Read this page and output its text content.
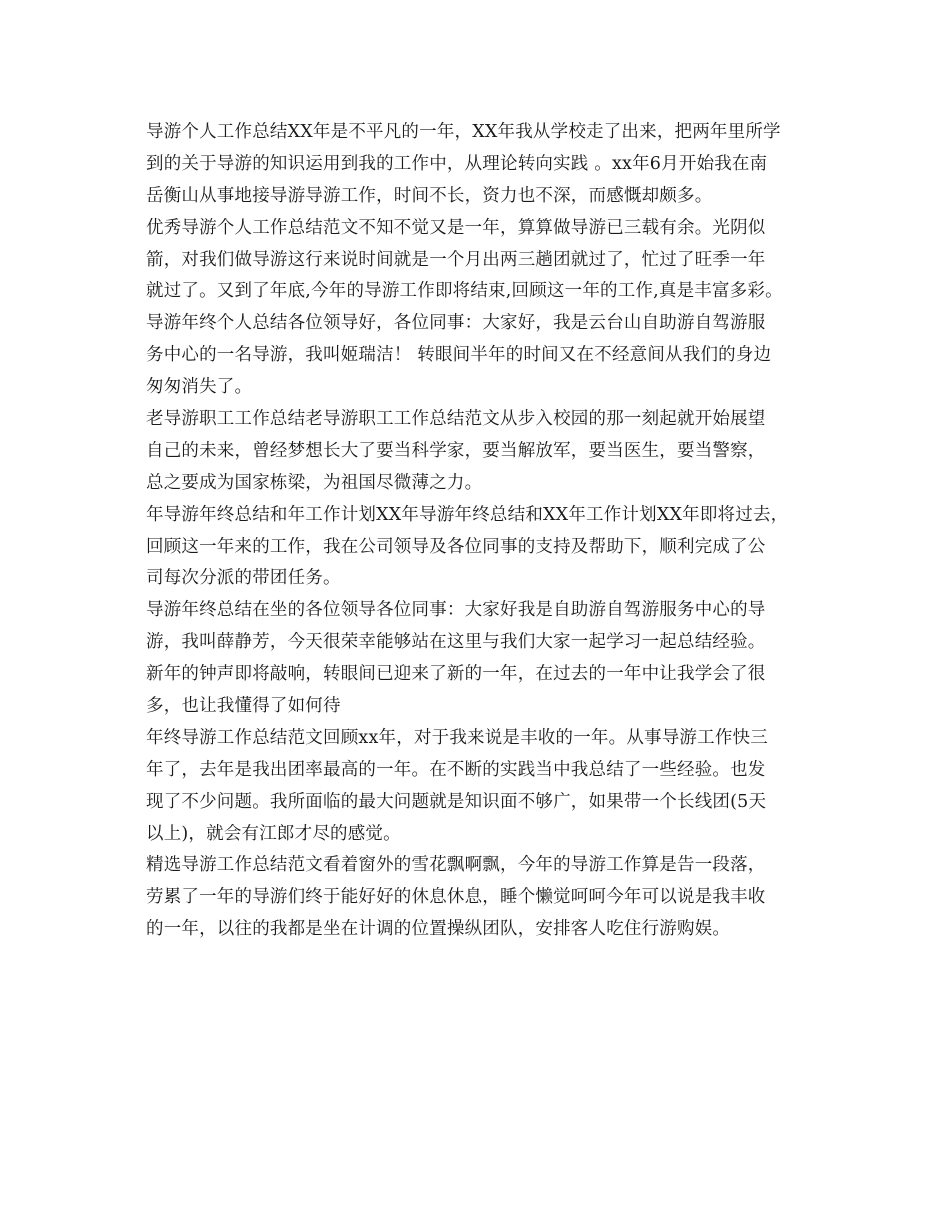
导游个人工作总结XX年是不平凡的一年，XX年我从学校走了出来，把两年里所学
到的关于导游的知识运用到我的工作中，从理论转向实践 。xx年6月开始我在南
岳衡山从事地接导游导游工作，时间不长，资力也不深，而感慨却颇多。
优秀导游个人工作总结范文不知不觉又是一年，算算做导游已三载有余。光阴似
箭，对我们做导游这行来说时间就是一个月出两三趟团就过了，忙过了旺季一年
就过了。又到了年底,今年的导游工作即将结束,回顾这一年的工作,真是丰富多彩。
导游年终个人总结各位领导好，各位同事：大家好，我是云台山自助游自驾游服
务中心的一名导游，我叫姬瑞洁！ 转眼间半年的时间又在不经意间从我们的身边
匆匆消失了。
老导游职工工作总结老导游职工工作总结范文从步入校园的那一刻起就开始展望
自己的未来，曾经梦想长大了要当科学家，要当解放军，要当医生，要当警察，
总之要成为国家栋梁，为祖国尽微薄之力。
年导游年终总结和年工作计划XX年导游年终总结和XX年工作计划XX年即将过去，
回顾这一年来的工作，我在公司领导及各位同事的支持及帮助下，顺利完成了公
司每次分派的带团任务。
导游年终总结在坐的各位领导各位同事：大家好我是自助游自驾游服务中心的导
游，我叫薛静芳，今天很荣幸能够站在这里与我们大家一起学习一起总结经验。
新年的钟声即将敲响，转眼间已迎来了新的一年，在过去的一年中让我学会了很
多，也让我懂得了如何待
年终导游工作总结范文回顾xx年，对于我来说是丰收的一年。从事导游工作快三
年了，去年是我出团率最高的一年。在不断的实践当中我总结了一些经验。也发
现了不少问题。我所面临的最大问题就是知识面不够广，如果带一个长线团(5天
以上)，就会有江郎才尽的感觉。
精选导游工作总结范文看着窗外的雪花飘啊飘，今年的导游工作算是告一段落，
劳累了一年的导游们终于能好好的休息休息，睡个懒觉呵呵今年可以说是我丰收
的一年，以往的我都是坐在计调的位置操纵团队，安排客人吃住行游购娱。
